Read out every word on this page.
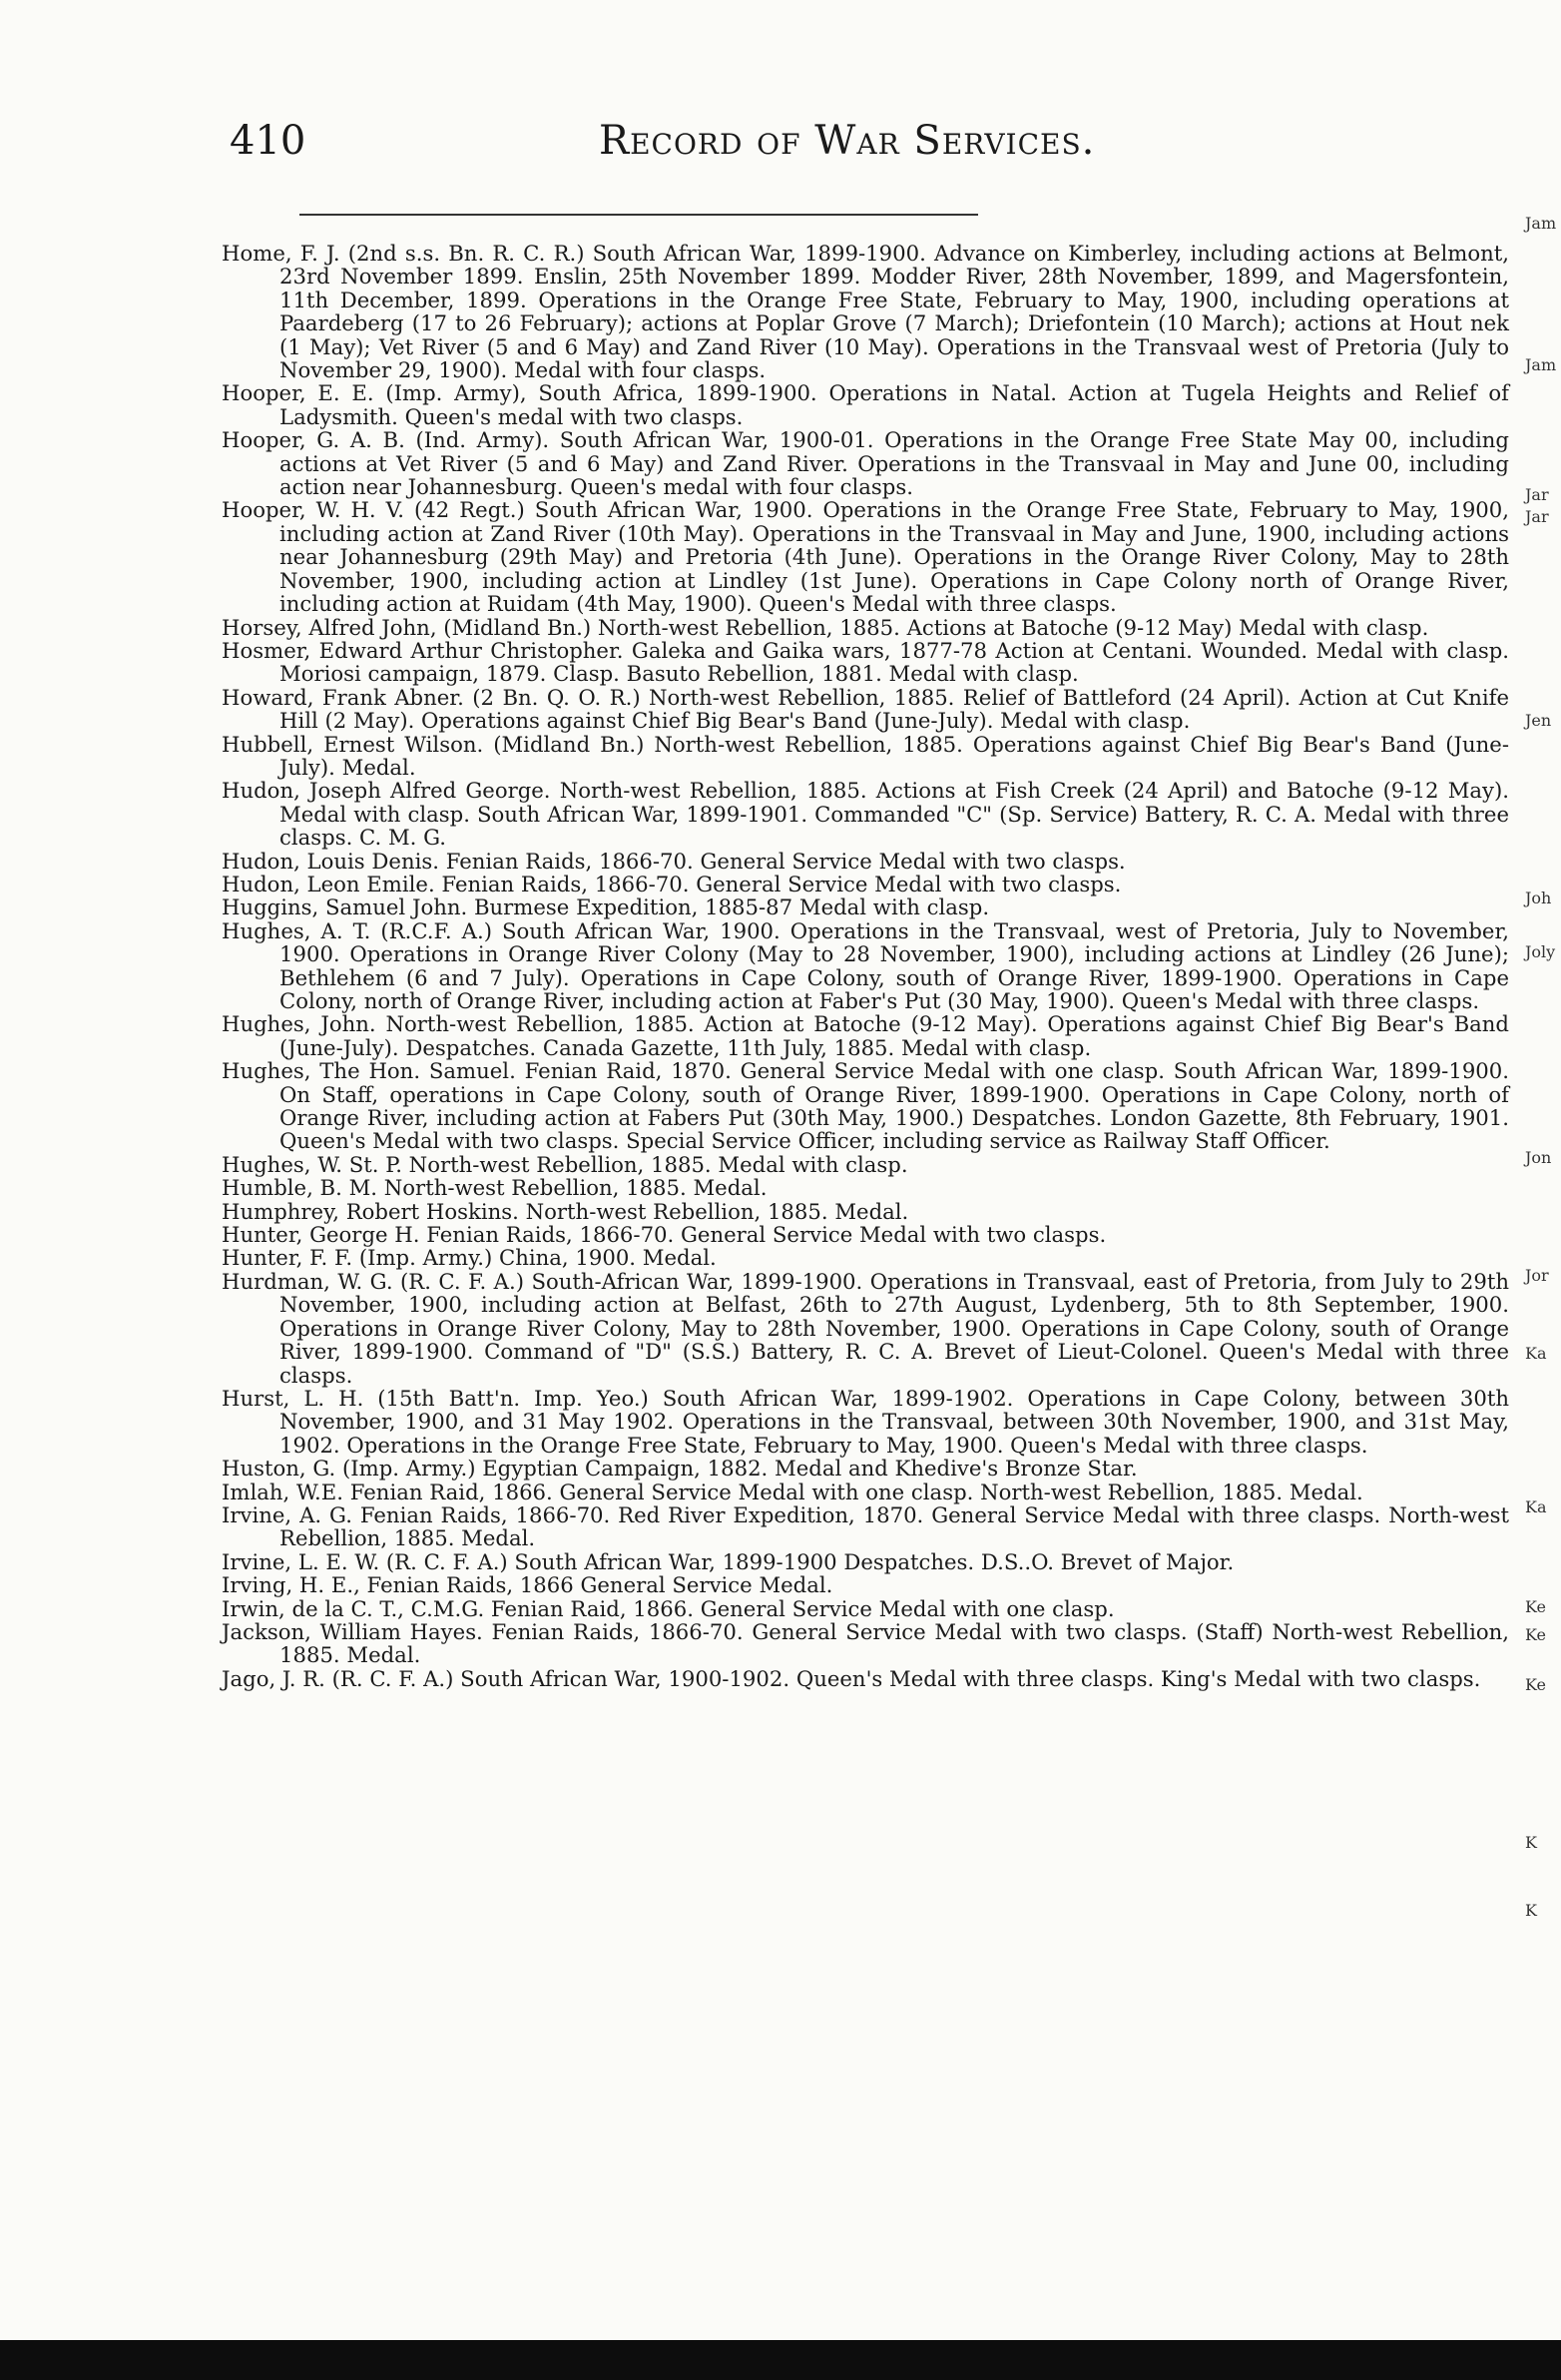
410	Record of War Services.

Home, F. J. (2nd s.s. Bn. R. C. R.) South African War, 1899-1900. Advance on Kimberley, including actions at Belmont, 23rd November 1899. Enslin, 25th November 1899. Modder River, 28th November, 1899, and Magersfontein, 11th December, 1899. Operations in the Orange Free State, February to May, 1900, including operations at Paardeberg (17 to 26 February); actions at Poplar Grove (7 March); Driefontein (10 March); actions at Hout nek (1 May); Vet River (5 and 6 May) and Zand River (10 May). Operations in the Transvaal west of Pretoria (July to November 29, 1900). Medal with four clasps.

Hooper, E. E. (Imp. Army), South Africa, 1899-1900. Operations in Natal. Action at Tugela Heights and Relief of Ladysmith. Queen's medal with two clasps.

Hooper, G. A. B. (Ind. Army). South African War, 1900-01. Operations in the Orange Free State May 00, including actions at Vet River (5 and 6 May) and Zand River. Operations in the Transvaal in May and June 00, including action near Johannesburg. Queen's medal with four clasps.

Hooper, W. H. V. (42 Regt.) South African War, 1900. Operations in the Orange Free State, February to May, 1900, including action at Zand River (10th May). Operations in the Transvaal in May and June, 1900, including actions near Johannesburg (29th May) and Pretoria (4th June). Operations in the Orange River Colony, May to 28th November, 1900, including action at Lindley (1st June). Operations in Cape Colony north of Orange River, including action at Ruidam (4th May, 1900). Queen's Medal with three clasps.

Horsey, Alfred John, (Midland Bn.) North-west Rebellion, 1885. Actions at Batoche (9-12 May) Medal with clasp.

Hosmer, Edward Arthur Christopher. Galeka and Gaika wars, 1877-78 Action at Centani. Wounded. Medal with clasp. Moriosi campaign, 1879. Clasp. Basuto Rebellion, 1881. Medal with clasp.

Howard, Frank Abner. (2 Bn. Q. O. R.) North-west Rebellion, 1885. Relief of Battleford (24 April). Action at Cut Knife Hill (2 May). Operations against Chief Big Bear's Band (June-July). Medal with clasp.

Hubbell, Ernest Wilson. (Midland Bn.) North-west Rebellion, 1885. Operations against Chief Big Bear's Band (June-July). Medal.

Hudon, Joseph Alfred George. North-west Rebellion, 1885. Actions at Fish Creek (24 April) and Batoche (9-12 May). Medal with clasp. South African War, 1899-1901. Commanded "C" (Sp. Service) Battery, R. C. A. Medal with three clasps. C. M. G.

Hudon, Louis Denis. Fenian Raids, 1866-70. General Service Medal with two clasps.

Hudon, Leon Emile. Fenian Raids, 1866-70. General Service Medal with two clasps.

Huggins, Samuel John. Burmese Expedition, 1885-87 Medal with clasp.

Hughes, A. T. (R.C.F. A.) South African War, 1900. Operations in the Transvaal, west of Pretoria, July to November, 1900. Operations in Orange River Colony (May to 28 November, 1900), including actions at Lindley (26 June); Bethlehem (6 and 7 July). Operations in Cape Colony, south of Orange River, 1899-1900. Operations in Cape Colony, north of Orange River, including action at Faber's Put (30 May, 1900). Queen's Medal with three clasps.

Hughes, John. North-west Rebellion, 1885. Action at Batoche (9-12 May). Operations against Chief Big Bear's Band (June-July). Despatches. Canada Gazette, 11th July, 1885. Medal with clasp.

Hughes, The Hon. Samuel. Fenian Raid, 1870. General Service Medal with one clasp. South African War, 1899-1900. On Staff, operations in Cape Colony, south of Orange River, 1899-1900. Operations in Cape Colony, north of Orange River, including action at Fabers Put (30th May, 1900.) Despatches. London Gazette, 8th February, 1901. Queen's Medal with two clasps. Special Service Officer, including service as Railway Staff Officer.

Hughes, W. St. P. North-west Rebellion, 1885. Medal with clasp.

Humble, B. M. North-west Rebellion, 1885. Medal.

Humphrey, Robert Hoskins. North-west Rebellion, 1885. Medal.

Hunter, George H. Fenian Raids, 1866-70. General Service Medal with two clasps.

Hunter, F. F. (Imp. Army.) China, 1900. Medal.

Hurdman, W. G. (R. C. F. A.) South-African War, 1899-1900. Operations in Transvaal, east of Pretoria, from July to 29th November, 1900, including action at Belfast, 26th to 27th August, Lydenberg, 5th to 8th September, 1900. Operations in Orange River Colony, May to 28th November, 1900. Operations in Cape Colony, south of Orange River, 1899-1900. Command of "D" (S.S.) Battery, R. C. A. Brevet of Lieut-Colonel. Queen's Medal with three clasps.

Hurst, L. H. (15th Batt'n. Imp. Yeo.) South African War, 1899-1902. Operations in Cape Colony, between 30th November, 1900, and 31 May 1902. Operations in the Transvaal, between 30th November, 1900, and 31st May, 1902. Operations in the Orange Free State, February to May, 1900. Queen's Medal with three clasps.

Huston, G. (Imp. Army.) Egyptian Campaign, 1882. Medal and Khedive's Bronze Star.

Imlah, W.E. Fenian Raid, 1866. General Service Medal with one clasp. North-west Rebellion, 1885. Medal.

Irvine, A. G. Fenian Raids, 1866-70. Red River Expedition, 1870. General Service Medal with three clasps. North-west Rebellion, 1885. Medal.

Irvine, L. E. W. (R. C. F. A.) South African War, 1899-1900 Despatches. D.S..O. Brevet of Major.

Irving, H. E., Fenian Raids, 1866 General Service Medal.

Irwin, de la C. T., C.M.G. Fenian Raid, 1866. General Service Medal with one clasp.

Jackson, William Hayes. Fenian Raids, 1866-70. General Service Medal with two clasps. (Staff) North-west Rebellion, 1885. Medal.

Jago, J. R. (R. C. F. A.) South African War, 1900-1902. Queen's Medal with three clasps. King's Medal with two clasps.

Jam
Jam
Jar
Jar
Jen
Joh
Joly
Jon
Jor
Ka
Ka
Ke
Ke
Ke
K
K
